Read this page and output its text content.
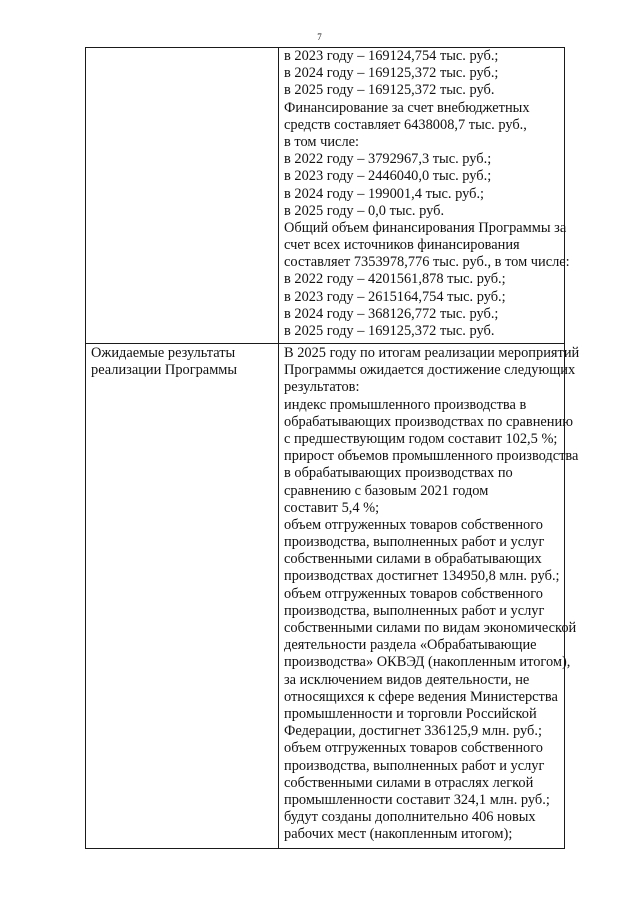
7
в 2023 году – 169124,754 тыс. руб.;
в 2024 году – 169125,372 тыс. руб.;
в 2025 году – 169125,372 тыс. руб.
Финансирование за счет внебюджетных
средств составляет 6438008,7 тыс. руб.,
в том числе:
в 2022 году – 3792967,3 тыс. руб.;
в 2023 году – 2446040,0 тыс. руб.;
в 2024 году – 199001,4 тыс. руб.;
в 2025 году – 0,0 тыс. руб.
Общий объем финансирования Программы за
счет всех источников финансирования
составляет 7353978,776 тыс. руб., в том числе:
в 2022 году – 4201561,878 тыс. руб.;
в 2023 году – 2615164,754 тыс. руб.;
в 2024 году – 368126,772 тыс. руб.;
в 2025 году – 169125,372 тыс. руб.
Ожидаемые результаты
реализации Программы
В 2025 году по итогам реализации мероприятий
Программы ожидается достижение следующих
результатов:
индекс промышленного производства в
обрабатывающих производствах по сравнению
с предшествующим годом составит 102,5 %;
прирост объемов промышленного производства
в обрабатывающих производствах по
сравнению с базовым 2021 годом
составит 5,4 %;
объем отгруженных товаров собственного
производства, выполненных работ и услуг
собственными силами в обрабатывающих
производствах достигнет 134950,8 млн. руб.;
объем отгруженных товаров собственного
производства, выполненных работ и услуг
собственными силами по видам экономической
деятельности раздела «Обрабатывающие
производства» ОКВЭД (накопленным итогом),
за исключением видов деятельности, не
относящихся к сфере ведения Министерства
промышленности и торговли Российской
Федерации, достигнет 336125,9 млн. руб.;
объем отгруженных товаров собственного
производства, выполненных работ и услуг
собственными силами в отраслях легкой
промышленности составит 324,1 млн. руб.;
будут созданы дополнительно 406 новых
рабочих мест (накопленным итогом);
